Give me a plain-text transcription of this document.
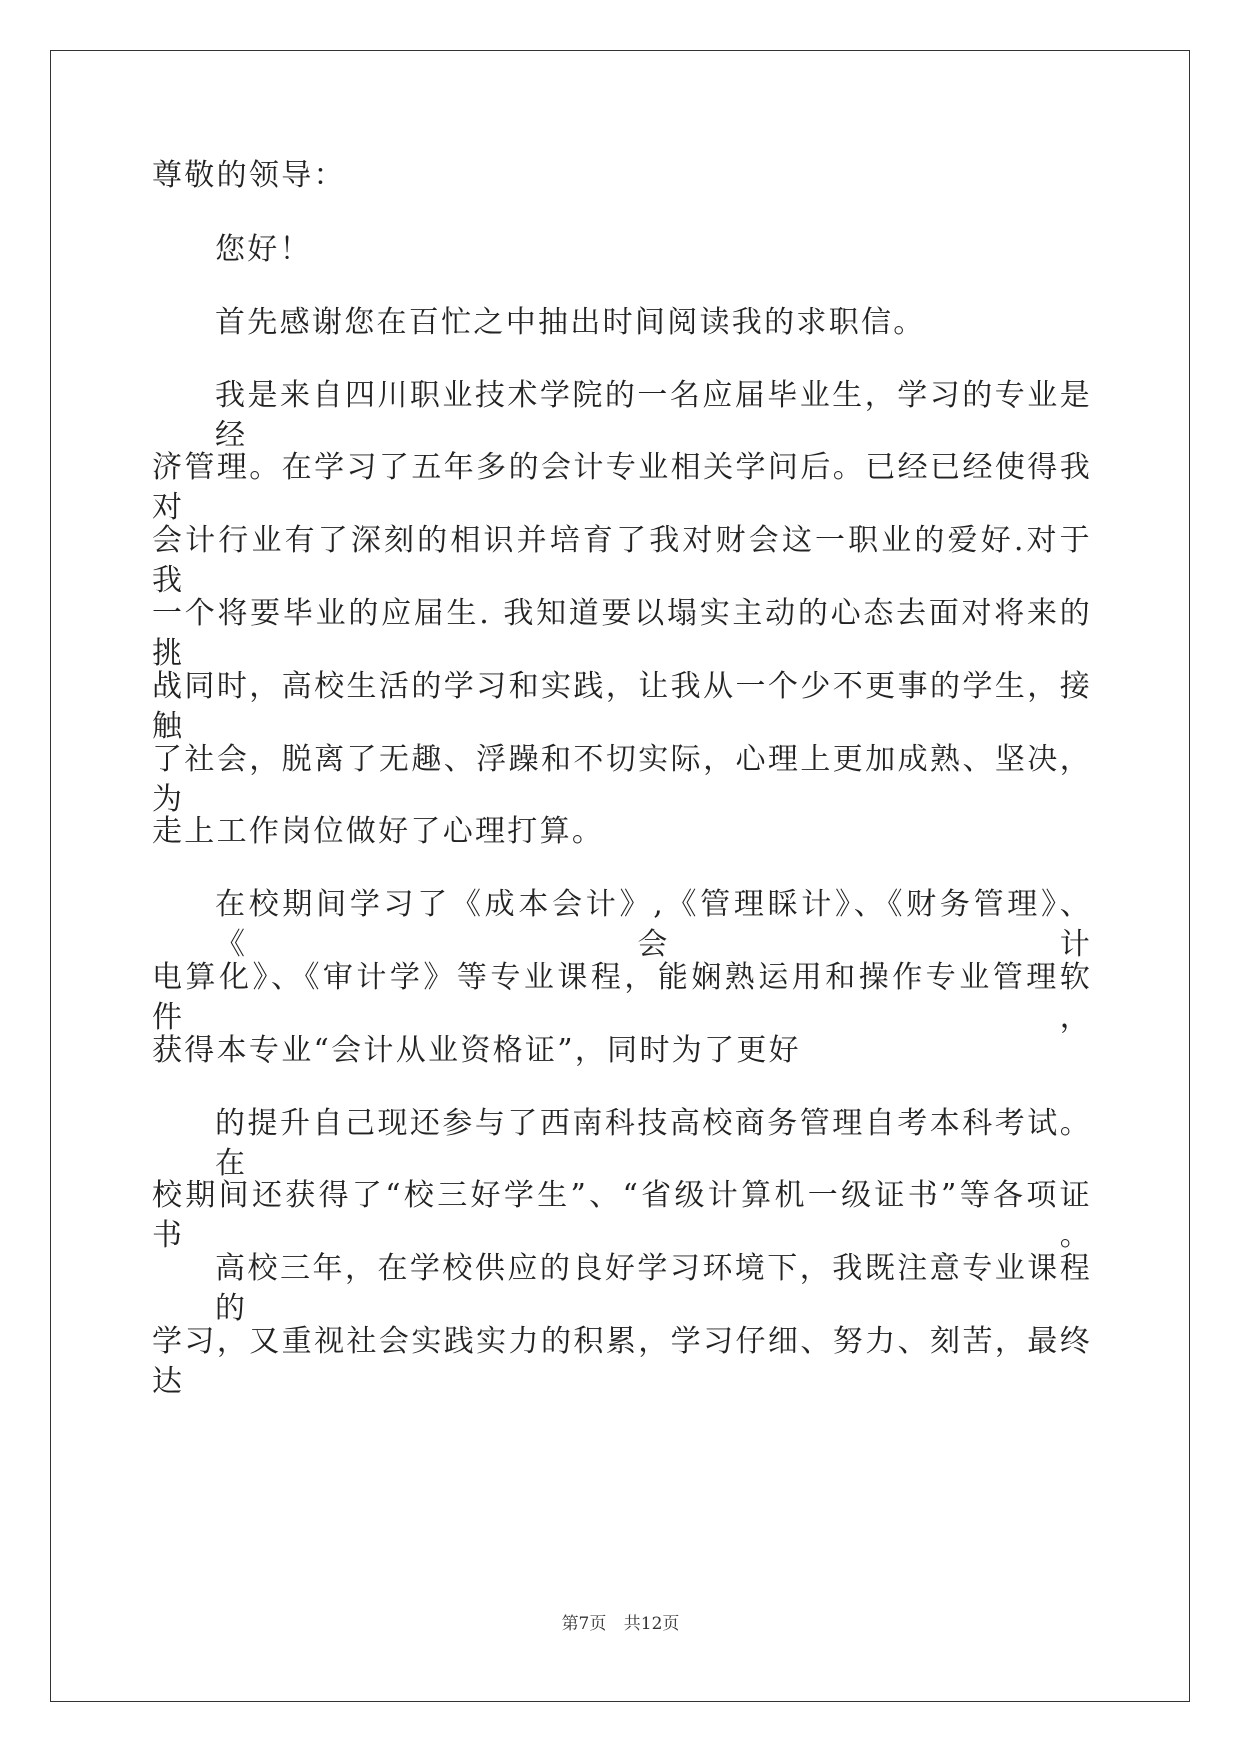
尊敬的领导：
您好！
首先感谢您在百忙之中抽出时间阅读我的求职信。
我是来自四川职业技术学院的一名应届毕业生，学习的专业是经
济管理。在学习了五年多的会计专业相关学问后。已经已经使得我对
会计行业有了深刻的相识并培育了我对财会这一职业的爱好.对于我
一个将要毕业的应届生. 我知道要以塌实主动的心态去面对将来的挑
战同时，高校生活的学习和实践，让我从一个少不更事的学生，接触
了社会，脱离了无趣、浮躁和不切实际，心理上更加成熟、坚决，为
走上工作岗位做好了心理打算。
在校期间学习了《成本会计》,《管理睬计》、《财务管理》、《会计
电算化》、《审计学》等专业课程，能娴熟运用和操作专业管理软件，
获得本专业“会计从业资格证”，同时为了更好
的提升自己现还参与了西南科技高校商务管理自考本科考试。在
校期间还获得了“校三好学生”、“省级计算机一级证书”等各项证书。
高校三年，在学校供应的良好学习环境下，我既注意专业课程的
学习，又重视社会实践实力的积累，学习仔细、努力、刻苦，最终达
第7页 共12页
